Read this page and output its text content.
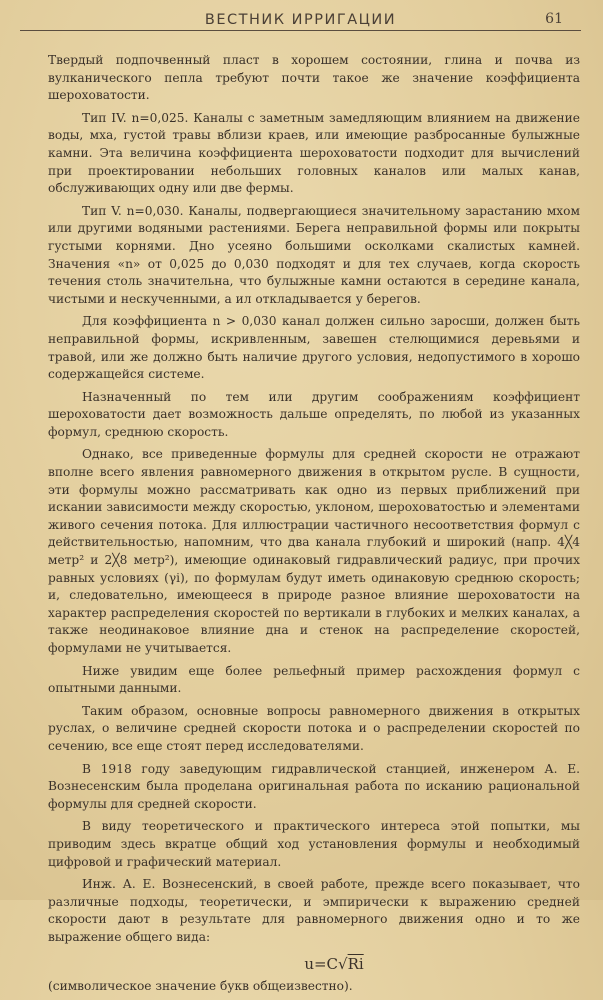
ВЕСТНИК ИРРИГАЦИИ	61

Твердый подпочвенный пласт в хорошем состоянии, глина и почва из вулканического пепла требуют почти такое же значение коэффициента шероховатости.

Тип IV. n=0,025. Каналы с заметным замедляющим влиянием на движение воды, мха, густой травы вблизи краев, или имеющие разбросанные булыжные камни. Эта величина коэффициента шероховатости подходит для вычислений при проектировании небольших головных каналов или малых канав, обслуживающих одну или две фермы.

Тип V. n=0,030. Каналы, подвергающиеся значительному зарастанию мхом или другими водяными растениями. Берега неправильной формы или покрыты густыми корнями. Дно усеяно большими осколками скалистых камней. Значения «n» от 0,025 до 0,030 подходят и для тех случаев, когда скорость течения столь значительна, что булыжные камни остаются в середине канала, чистыми и нескученными, а ил откладывается у берегов.

Для коэффициента n > 0,030 канал должен сильно заросши, должен быть неправильной формы, искривленным, завешен стелющимися деревьями и травой, или же должно быть наличие другого условия, недопустимого в хорошо содержащейся системе.

Назначенный по тем или другим соображениям коэффициент шероховатости дает возможность дальше определять, по любой из указанных формул, среднюю скорость.

Однако, все приведенные формулы для средней скорости не отражают вполне всего явления равномерного движения в открытом русле. В сущности, эти формулы можно рассматривать как одно из первых приближений при искании зависимости между скоростью, уклоном, шероховатостью и элементами живого сечения потока. Для иллюстрации частичного несоответствия формул с действительностью, напомним, что два канала глубокий и широкий (напр. 4╳4 метр² и 2╳8 метр²), имеющие одинаковый гидравлический радиус, при прочих равных условиях (γi), по формулам будут иметь одинаковую среднюю скорость; и, следовательно, имеющееся в природе разное влияние шероховатости на характер распределения скоростей по вертикали в глубоких и мелких каналах, а также неодинаковое влияние дна и стенок на распределение скоростей, формулами не учитывается.

Ниже увидим еще более рельефный пример расхождения формул с опытными данными.

Таким образом, основные вопросы равномерного движения в открытых руслах, о величине средней скорости потока и о распределении скоростей по сечению, все еще стоят перед исследователями.

В 1918 году заведующим гидравлической станцией, инженером А. Е. Вознесенским была проделана оригинальная работа по исканию рациональной формулы для средней скорости.

В виду теоретического и практического интереса этой попытки, мы приводим здесь вкратце общий ход установления формулы и необходимый цифровой и графический материал.

Инж. А. Е. Вознесенский, в своей работе, прежде всего показывает, что различные подходы, теоретически, и эмпирически к выражению средней скорости дают в результате для равномерного движения одно и то же выражение общего вида:

u=C√Ri

(символическое значение букв общеизвестно).
